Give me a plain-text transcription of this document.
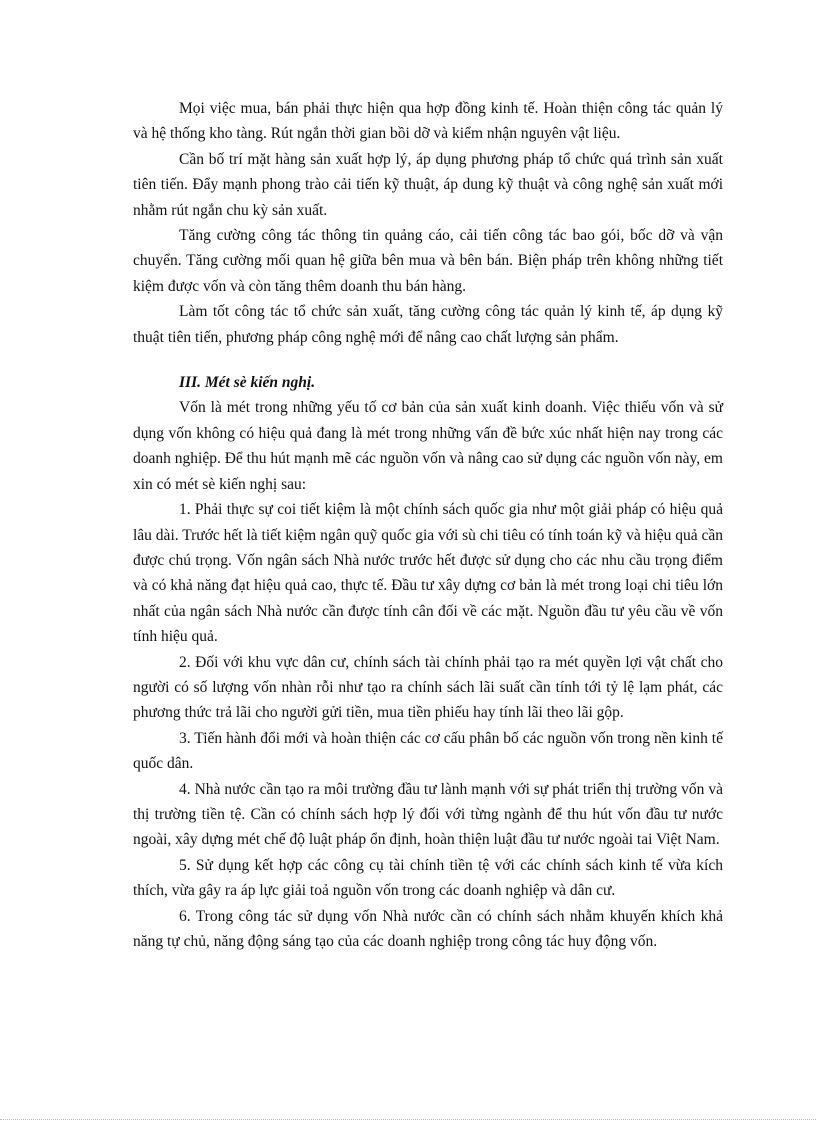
Mọi việc mua, bán phải thực hiện qua hợp đồng kinh tế. Hoàn thiện công tác quản lý và hệ thống kho tàng. Rút ngắn thời gian bồi dỡ và kiểm nhận nguyên vật liệu.

Cần bố trí mặt hàng sản xuất hợp lý, áp dụng phương pháp tổ chức quá trình sản xuất tiên tiến. Đẩy mạnh phong trào cải tiến kỹ thuật, áp dung kỹ thuật và công nghệ sản xuất mới nhằm rút ngắn chu kỳ sản xuất.

Tăng cường công tác thông tin quảng cáo, cải tiến công tác bao gói, bốc dỡ và vận chuyển. Tăng cường mối quan hệ giữa bên mua và bên bán. Biện pháp trên không những tiết kiệm được vốn và còn tăng thêm doanh thu bán hàng.

Làm tốt công tác tổ chức sản xuất, tăng cường công tác quản lý kinh tế, áp dụng kỹ thuật tiên tiến, phương pháp công nghệ mới để nâng cao chất lượng sản phẩm.

III. Mét sè kiến nghị.

Vốn là mét trong những yếu tố cơ bản của sản xuất kinh doanh. Việc thiếu vốn và sử dụng vốn không có hiệu quả đang là mét trong những vấn đề bức xúc nhất hiện nay trong các doanh nghiệp. Để thu hút mạnh mẽ các nguồn vốn và nâng cao sử dụng các nguồn vốn này, em xin có mét sè kiến nghị sau:

1. Phải thực sự coi tiết kiệm là một chính sách quốc gia như một giải pháp có hiệu quả lâu dài. Trước hết là tiết kiệm ngân quỹ quốc gia với sù chi tiêu có tính toán kỹ và hiệu quả cần được chú trọng. Vốn ngân sách Nhà nước trước hết được sử dụng cho các nhu cầu trọng điểm và có khả năng đạt hiệu quả cao, thực tế. Đầu tư xây dựng cơ bản là mét trong loại chi tiêu lớn nhất của ngân sách Nhà nước cần được tính cân đối về các mặt. Nguồn đầu tư yêu cầu về vốn tính hiệu quả.

2. Đối với khu vực dân cư, chính sách tài chính phải tạo ra mét quyền lợi vật chất cho người có số lượng vốn nhàn rỗi như tạo ra chính sách lãi suất cần tính tới tỷ lệ lạm phát, các phương thức trả lãi cho người gửi tiền, mua tiền phiếu hay tính lãi theo lãi gộp.

3. Tiến hành đổi mới và hoàn thiện các cơ cấu phân bố các nguồn vốn trong nền kinh tế quốc dân.

4. Nhà nước cần tạo ra môi trường đầu tư lành mạnh với sự phát triển thị trường vốn và thị trường tiền tệ. Cần có chính sách hợp lý đối với từng ngành để thu hút vốn đầu tư nước ngoài, xây dựng mét chế độ luật pháp ổn định, hoàn thiện luật đầu tư nước ngoài tai Việt Nam.

5. Sử dụng kết hợp các công cụ tài chính tiền tệ với các chính sách kinh tế vừa kích thích, vừa gây ra áp lực giải toả nguồn vốn trong các doanh nghiệp và dân cư.

6. Trong công tác sử dụng vốn Nhà nước cần có chính sách nhằm khuyến khích khả năng tự chủ, năng động sáng tạo của các doanh nghiệp trong công tác huy động vốn.
